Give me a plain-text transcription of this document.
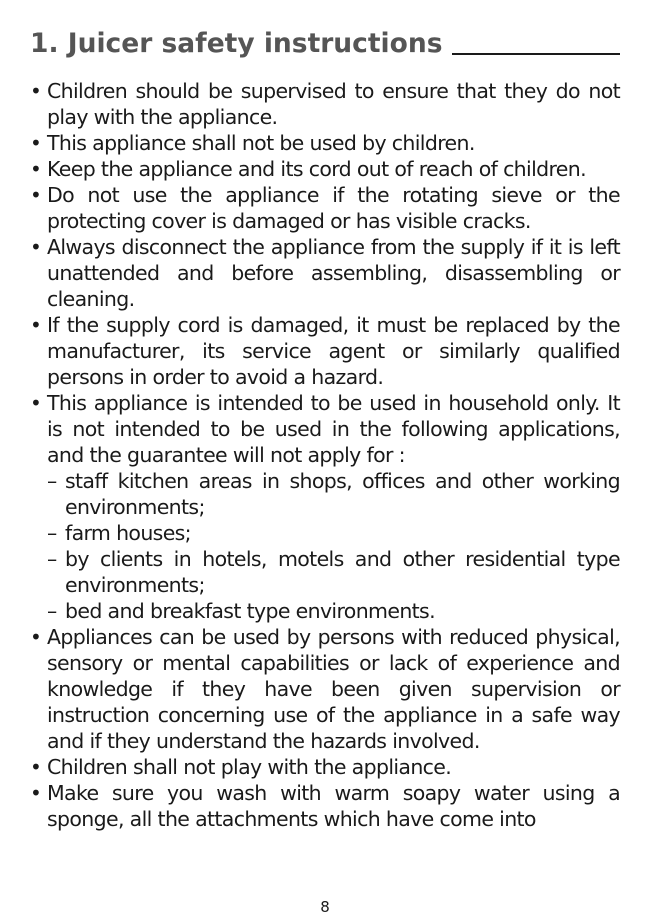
1. Juicer safety instructions
• Children should be supervised to ensure that they do not play with the appliance.
• This appliance shall not be used by children.
• Keep the appliance and its cord out of reach of children.
• Do not use the appliance if the rotating sieve or the protecting cover is damaged or has visible cracks.
• Always disconnect the appliance from the supply if it is left unattended and before assembling, disassembling or cleaning.
• If the supply cord is damaged, it must be replaced by the manufacturer, its service agent or similarly qualified persons in order to avoid a hazard.
• This appliance is intended to be used in household only. It is not intended to be used in the following applications, and the guarantee will not apply for :
– staff kitchen areas in shops, offices and other working environments;
– farm houses;
– by clients in hotels, motels and other residential type environments;
– bed and breakfast type environments.
• Appliances can be used by persons with reduced physical, sensory or mental capabilities or lack of experience and knowledge if they have been given supervision or instruction concerning use of the appliance in a safe way and if they understand the hazards involved.
• Children shall not play with the appliance.
• Make sure you wash with warm soapy water using a sponge, all the attachments which have come into
8
